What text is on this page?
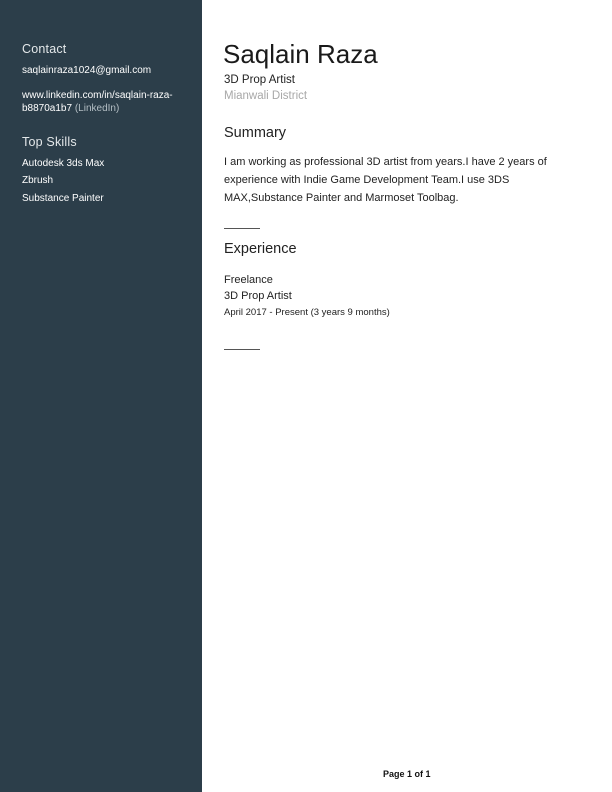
Contact
saqlainraza1024@gmail.com
www.linkedin.com/in/saqlain-raza-
b8870a1b7 (LinkedIn)
Top Skills
Autodesk 3ds Max
Zbrush
Substance Painter
Saqlain Raza
3D Prop Artist
Mianwali District
Summary
I am working as professional 3D artist from years.I have 2 years of experience with Indie Game Development Team.I use 3DS MAX,Substance Painter and Marmoset Toolbag.
Experience
Freelance
3D Prop Artist
April 2017 - Present (3 years 9 months)
Page 1 of 1
